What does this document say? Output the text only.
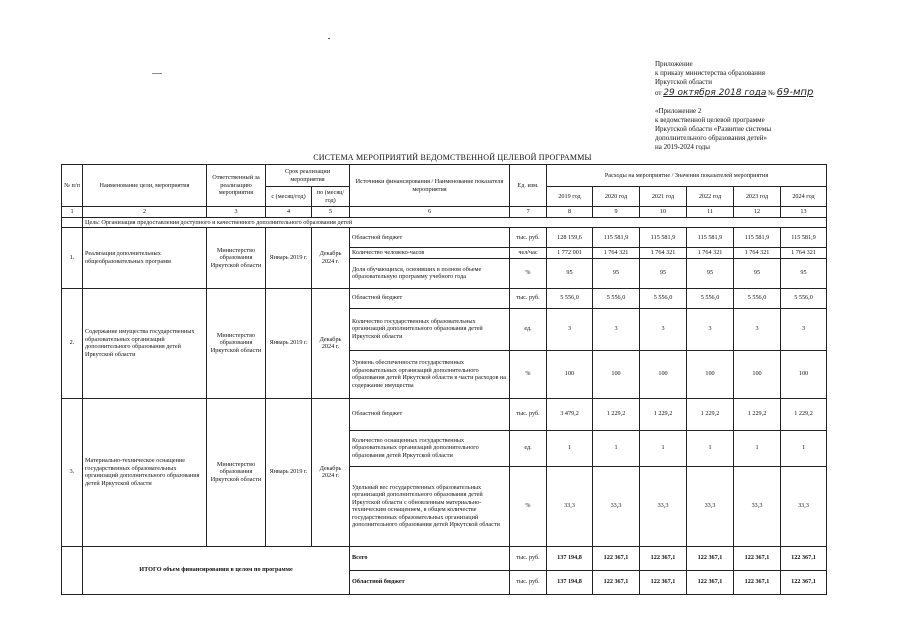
Приложение
к приказу министерства образования
Иркутской области
от 29 октября 2018 года № 69-мпр
«Приложение 2
к ведомственной целевой программе
Иркутской области «Развитие системы
дополнительного образования детей»
на 2019-2024 годы
СИСТЕМА МЕРОПРИЯТИЙ ВЕДОМСТВЕННОЙ ЦЕЛЕВОЙ ПРОГРАММЫ
№ п/п	Наименование цели, мероприятия	Ответственный за реализацию мероприятия	Срок реализации мероприятия		Источники финансирования / Наименование показателя мероприятия	Ед. изм.	Расходы на мероприятие / Значения показателей мероприятия					
			с (месяц/год)	по (месяц/год)			2019 год	2020 год	2021 год	2022 год	2023 год	2024 год
1	2	3	4	5	6	7	8	9	10	11	12	13
	Цель: Организация предоставления доступного и качественного дополнительного образования детей											
1.	Реализация дополнительных общеобразовательных программ	Министерство образования Иркутской области	Январь 2019 г.	Декабрь 2024 г.	Областной бюджет	тыс. руб.	128 159,6	115 581,9	115 581,9	115 581,9	115 581,9	115 581,9
					Количество человеко-часов	чел/час	1 772 001	1 764 321	1 764 321	1 764 321	1 764 321	1 764 321
					Доля обучающихся, освоивших в полном объеме образовательную программу учебного года	%	95	95	95	95	95	95
2.	Содержание имущества государственных образовательных организаций дополнительного образования детей Иркутской области	Министерство образования Иркутской области	Январь 2019 г.	Декабрь 2024 г.	Областной бюджет	тыс. руб.	5 556,0	5 556,0	5 556,0	5 556,0	5 556,0	5 556,0
					Количество государственных образовательных организаций дополнительного образования детей Иркутской области	ед.	3	3	3	3	3	3
					Уровень обеспеченности государственных образовательных организаций дополнительного образования детей Иркутской области в части расходов на содержание имущества	%	100	100	100	100	100	100
3.	Материально-техническое оснащение государственных образовательных организаций дополнительного образования детей Иркутской области	Министерство образования Иркутской области	Январь 2019 г.	Декабрь 2024 г.	Областной бюджет	тыс. руб.	3 479,2	1 229,2	1 229,2	1 229,2	1 229,2	1 229,2
					Количество оснащенных государственных образовательных организаций дополнительного образования детей Иркутской области	ед.	1	1	1	1	1	1
					Удельный вес государственных образовательных организаций дополнительного образования детей Иркутской области с обновленным материально-техническим оснащением, в общем количестве государственных образовательных организаций дополнительного образования детей Иркутской области	%	33,3	33,3	33,3	33,3	33,3	33,3
	ИТОГО объем финансирования в целом по программе				Всего	тыс. руб.	137 194,8	122 367,1	122 367,1	122 367,1	122 367,1	122 367,1
					Областной бюджет	тыс. руб.	137 194,8	122 367,1	122 367,1	122 367,1	122 367,1	122 367,1
